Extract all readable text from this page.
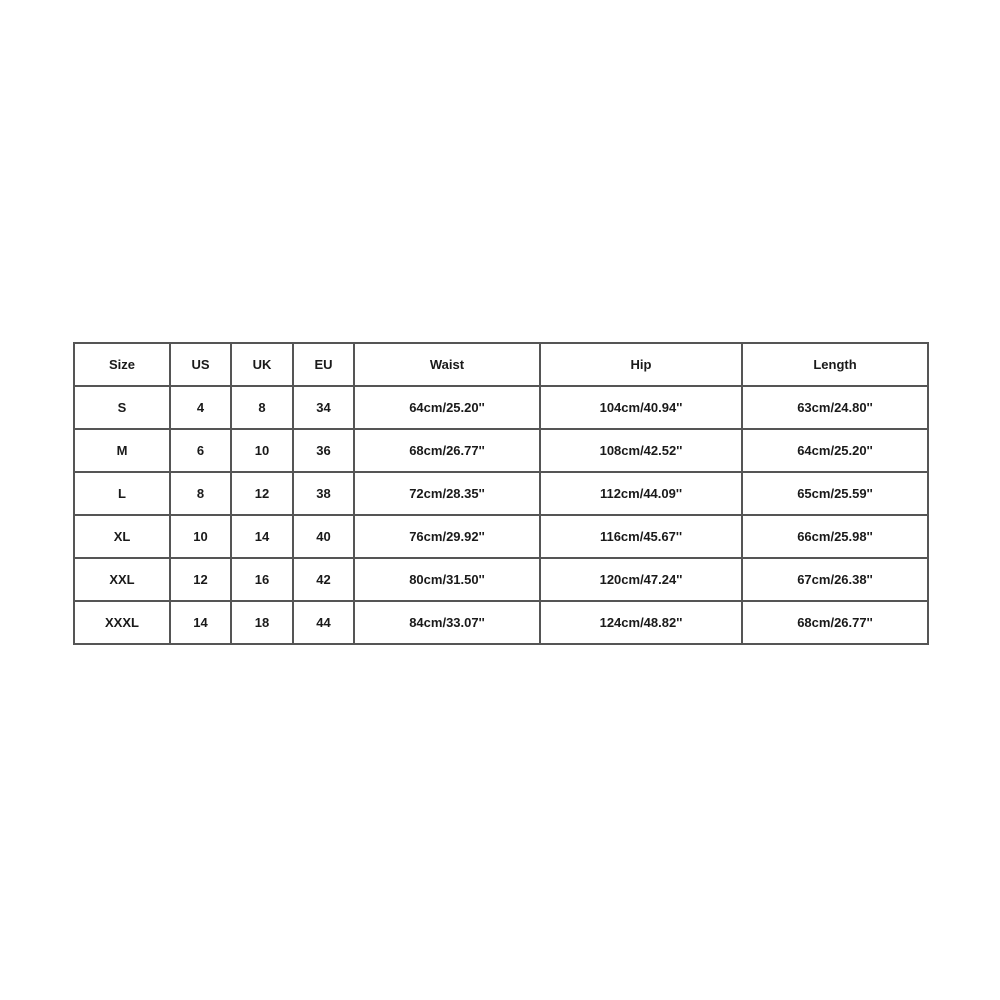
Size	US	UK	EU	Waist	Hip	Length
S	4	8	34	64cm/25.20''	104cm/40.94''	63cm/24.80''
M	6	10	36	68cm/26.77''	108cm/42.52''	64cm/25.20''
L	8	12	38	72cm/28.35''	112cm/44.09''	65cm/25.59''
XL	10	14	40	76cm/29.92''	116cm/45.67''	66cm/25.98''
XXL	12	16	42	80cm/31.50''	120cm/47.24''	67cm/26.38''
XXXL	14	18	44	84cm/33.07''	124cm/48.82''	68cm/26.77''
